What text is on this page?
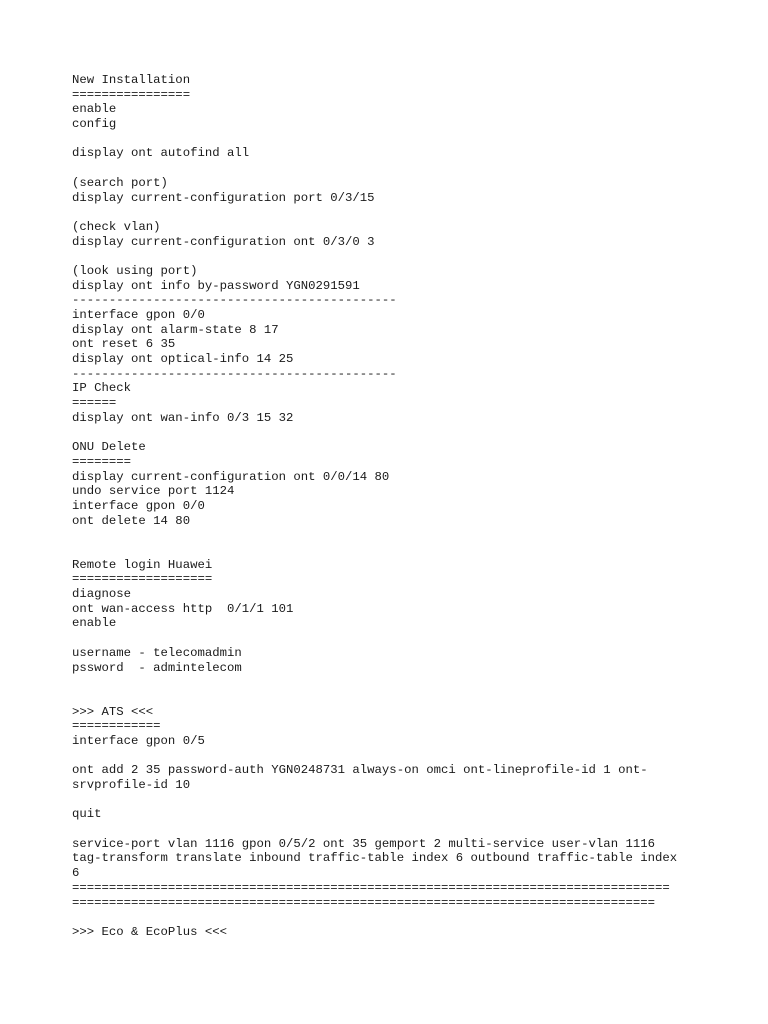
New Installation
================
enable
config
display ont autofind all
(search port)
display current-configuration port 0/3/15
(check vlan)
display current-configuration ont 0/3/0 3
(look using port)
display ont info by-password YGN0291591
--------------------------------------------
interface gpon 0/0
display ont alarm-state 8 17
ont reset 6 35
display ont optical-info 14 25
--------------------------------------------
IP Check
======
display ont wan-info 0/3 15 32
ONU Delete
========
display current-configuration ont 0/0/14 80
undo service port 1124
interface gpon 0/0
ont delete 14 80
Remote login Huawei
===================
diagnose
ont wan-access http  0/1/1 101
enable
username - telecomadmin
pssword  - admintelecom
>>> ATS <<<
============
interface gpon 0/5
ont add 2 35 password-auth YGN0248731 always-on omci ont-lineprofile-id 1 ont-
srvprofile-id 10
quit
service-port vlan 1116 gpon 0/5/2 ont 35 gemport 2 multi-service user-vlan 1116
tag-transform translate inbound traffic-table index 6 outbound traffic-table index
6
=================================================================================
===============================================================================
>>> Eco & EcoPlus <<<
